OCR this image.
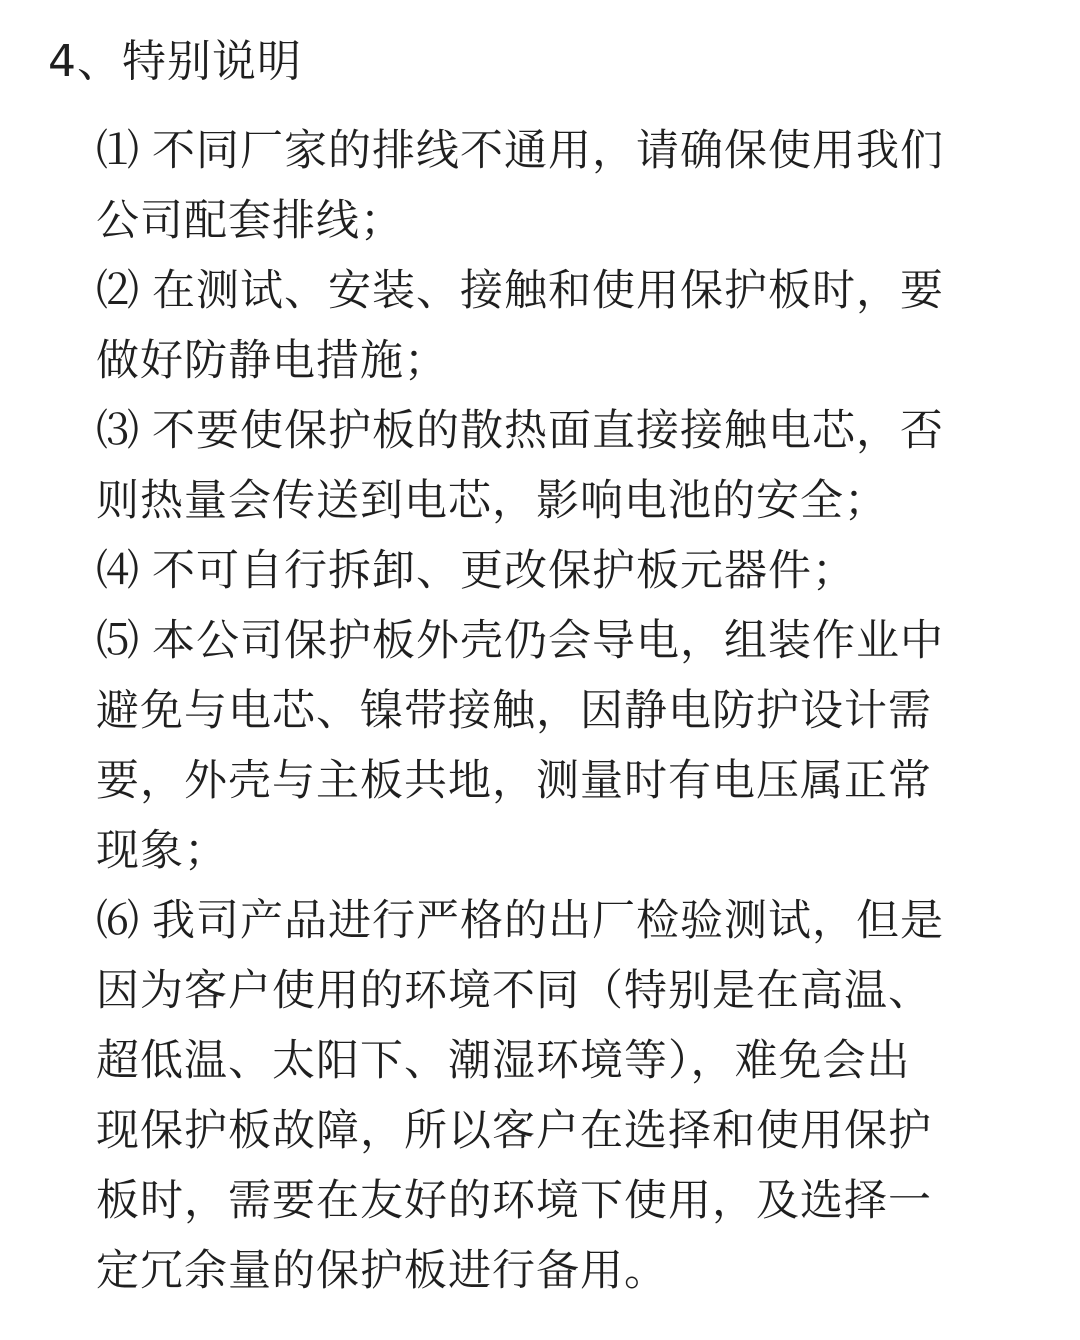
4、特别说明
⑴ 不同厂家的排线不通用，请确保使用我们
公司配套排线；
⑵ 在测试、安装、接触和使用保护板时，要
做好防静电措施；
⑶ 不要使保护板的散热面直接接触电芯，否
则热量会传送到电芯，影响电池的安全；
⑷ 不可自行拆卸、更改保护板元器件；
⑸ 本公司保护板外壳仍会导电，组装作业中
避免与电芯、镍带接触，因静电防护设计需
要，外壳与主板共地，测量时有电压属正常
现象；
⑹ 我司产品进行严格的出厂检验测试，但是
因为客户使用的环境不同（特别是在高温、
超低温、太阳下、潮湿环境等），难免会出
现保护板故障，所以客户在选择和使用保护
板时，需要在友好的环境下使用，及选择一
定冗余量的保护板进行备用。
